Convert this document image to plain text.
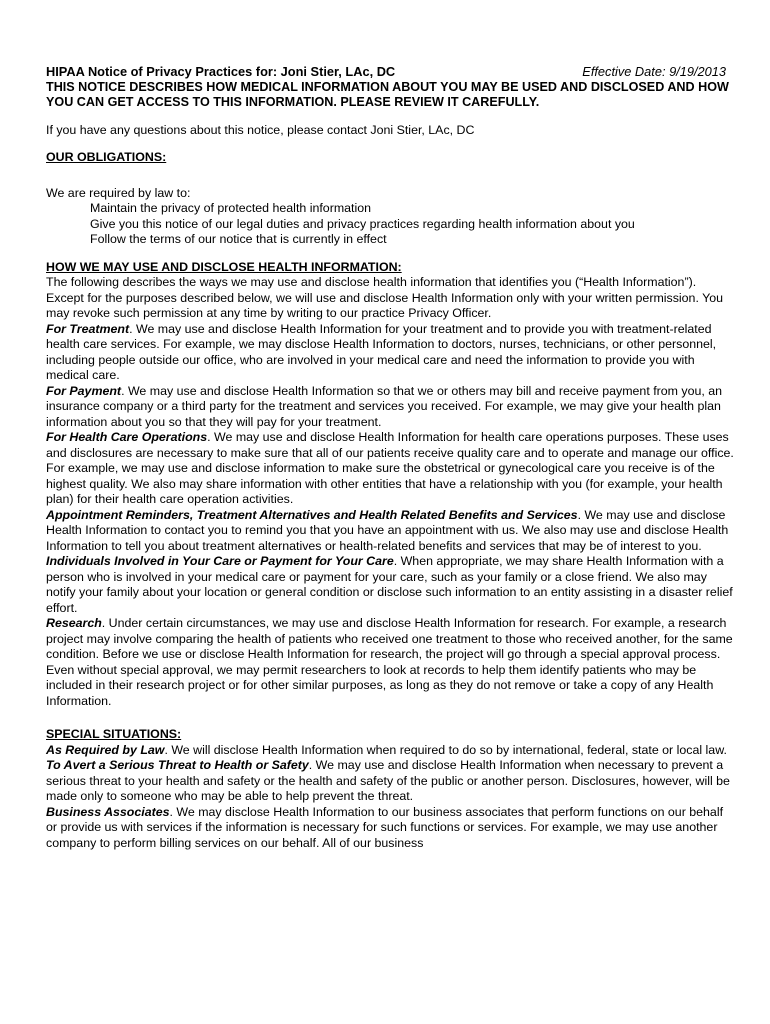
HIPAA Notice of Privacy Practices for: Joni Stier, LAc, DC	Effective Date: 9/19/2013

THIS NOTICE DESCRIBES HOW MEDICAL INFORMATION ABOUT YOU MAY BE USED AND DISCLOSED AND HOW YOU CAN GET ACCESS TO THIS INFORMATION. PLEASE REVIEW IT CAREFULLY.

If you have any questions about this notice, please contact Joni Stier, LAc, DC

OUR OBLIGATIONS:

We are required by law to:

Maintain the privacy of protected health information

Give you this notice of our legal duties and privacy practices regarding health information about you

Follow the terms of our notice that is currently in effect

HOW WE MAY USE AND DISCLOSE HEALTH INFORMATION:

The following describes the ways we may use and disclose health information that identifies you (“Health Information”). Except for the purposes described below, we will use and disclose Health Information only with your written permission. You may revoke such permission at any time by writing to our practice Privacy Officer.

For Treatment. We may use and disclose Health Information for your treatment and to provide you with treatment-related health care services. For example, we may disclose Health Information to doctors, nurses, technicians, or other personnel, including people outside our office, who are involved in your medical care and need the information to provide you with medical care.

For Payment. We may use and disclose Health Information so that we or others may bill and receive payment from you, an insurance company or a third party for the treatment and services you received. For example, we may give your health plan information about you so that they will pay for your treatment.

For Health Care Operations. We may use and disclose Health Information for health care operations purposes. These uses and disclosures are necessary to make sure that all of our patients receive quality care and to operate and manage our office. For example, we may use and disclose information to make sure the obstetrical or gynecological care you receive is of the highest quality. We also may share information with other entities that have a relationship with you (for example, your health plan) for their health care operation activities.

Appointment Reminders, Treatment Alternatives and Health Related Benefits and Services. We may use and disclose Health Information to contact you to remind you that you have an appointment with us. We also may use and disclose Health Information to tell you about treatment alternatives or health-related benefits and services that may be of interest to you.

Individuals Involved in Your Care or Payment for Your Care. When appropriate, we may share Health Information with a person who is involved in your medical care or payment for your care, such as your family or a close friend. We also may notify your family about your location or general condition or disclose such information to an entity assisting in a disaster relief effort.

Research. Under certain circumstances, we may use and disclose Health Information for research. For example, a research project may involve comparing the health of patients who received one treatment to those who received another, for the same condition. Before we use or disclose Health Information for research, the project will go through a special approval process. Even without special approval, we may permit researchers to look at records to help them identify patients who may be included in their research project or for other similar purposes, as long as they do not remove or take a copy of any Health Information.

SPECIAL SITUATIONS:

As Required by Law. We will disclose Health Information when required to do so by international, federal, state or local law.

To Avert a Serious Threat to Health or Safety. We may use and disclose Health Information when necessary to prevent a serious threat to your health and safety or the health and safety of the public or another person. Disclosures, however, will be made only to someone who may be able to help prevent the threat.

Business Associates. We may disclose Health Information to our business associates that perform functions on our behalf or provide us with services if the information is necessary for such functions or services. For example, we may use another company to perform billing services on our behalf. All of our business
